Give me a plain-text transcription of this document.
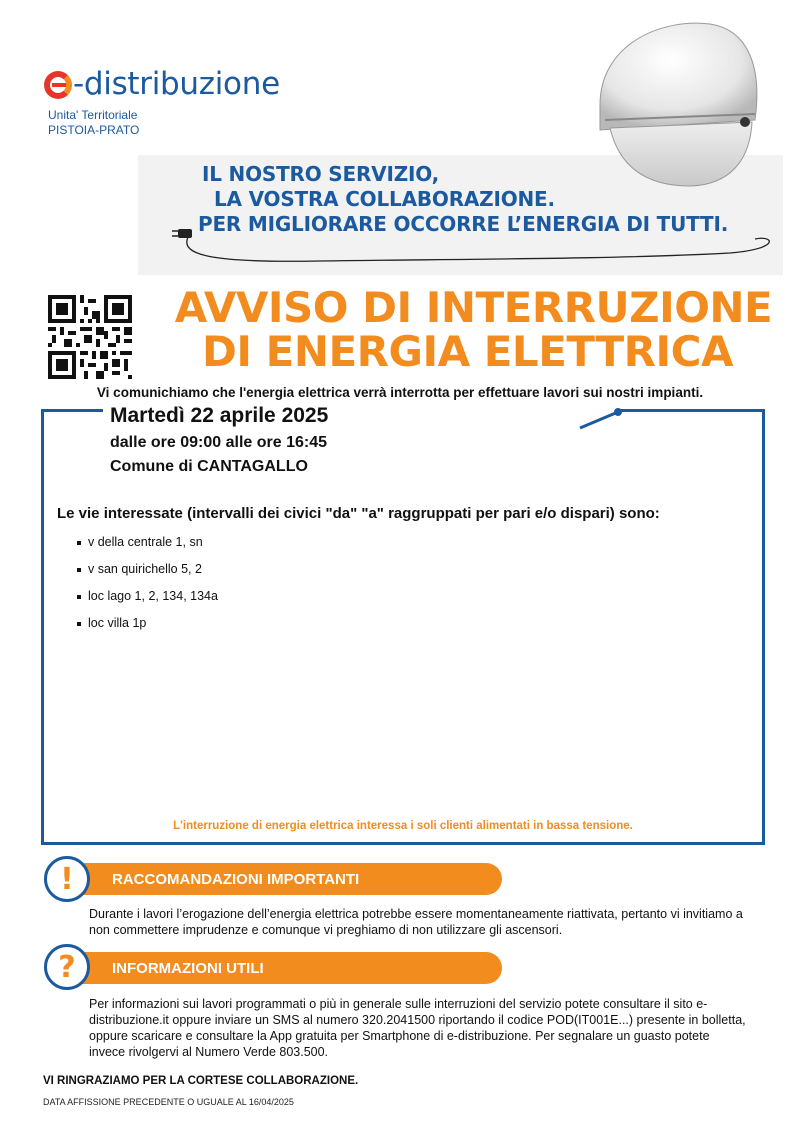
-distribuzione
Unita' Territoriale
PISTOIA-PRATO
IL NOSTRO SERVIZIO,
LA VOSTRA COLLABORAZIONE.
PER MIGLIORARE OCCORRE L’ENERGIA DI TUTTI.
AVVISO DI INTERRUZIONE
DI ENERGIA ELETTRICA
Vi comunichiamo che l'energia elettrica verrà interrotta per effettuare lavori sui nostri impianti.
Martedì 22 aprile 2025
dalle ore 09:00 alle ore 16:45
Comune di CANTAGALLO
Le vie interessate (intervalli dei civici "da" "a" raggruppati per pari e/o dispari) sono:
v della centrale 1, sn
v san quirichello 5, 2
loc lago 1, 2, 134, 134a
loc villa 1p
L'interruzione di energia elettrica interessa i soli clienti alimentati in bassa tensione.
RACCOMANDAZIONI IMPORTANTI
!
Durante i lavori l’erogazione dell’energia elettrica potrebbe essere momentaneamente riattivata, pertanto vi invitiamo a non commettere imprudenze e comunque vi preghiamo di non utilizzare gli ascensori.
INFORMAZIONI UTILI
?
Per informazioni sui lavori programmati o più in generale sulle interruzioni del servizio potete consultare il sito e-distribuzione.it oppure inviare un SMS al numero 320.2041500 riportando il codice POD(IT001E...) presente in bolletta, oppure scaricare e consultare la App gratuita per Smartphone di e-distribuzione. Per segnalare un guasto potete invece rivolgervi al Numero Verde 803.500.
VI RINGRAZIAMO PER LA CORTESE COLLABORAZIONE.
DATA AFFISSIONE PRECEDENTE O UGUALE AL 16/04/2025
